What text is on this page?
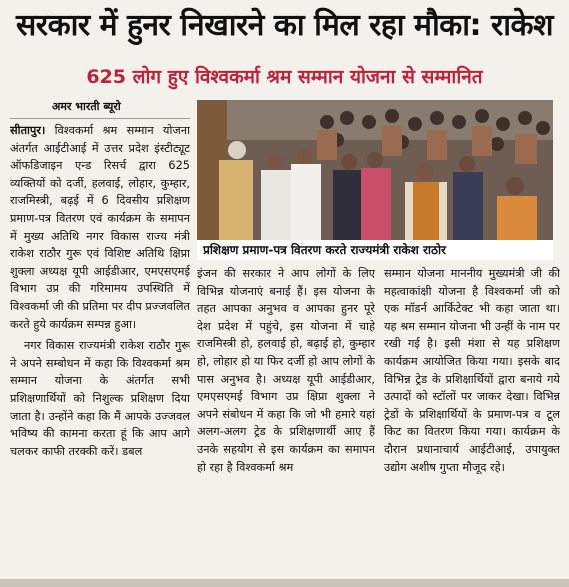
सरकार में हुनर निखारने का मिल रहा मौका: राकेश
625 लोग हुए विश्वकर्मा श्रम सम्मान योजना से सम्मानित
अमर भारती ब्यूरो

सीतापुर। विश्वकर्मा श्रम सम्मान योजना अंतर्गत आईटीआई में उत्तर प्रदेश इंस्टीट्यूट ऑफडिजाइन एन्ड रिसर्च द्वारा 625 व्यक्तियों को दर्जी, हलवाई, लोहार, कुम्हार, राजमिस्त्री, बढ़ई में 6 दिवसीय प्रशिक्षण प्रमाण-पत्र वितरण एवं कार्यक्रम के समापन में मुख्य अतिथि नगर विकास राज्य मंत्री राकेश राठौर गुरू एवं विशिष्ट अतिथि क्षिप्रा शुक्ला अध्यक्ष यूपी आईडीआर, एमएसएमई विभाग उप्र की गरिमामय उपस्थिति में विश्वकर्मा जी की प्रतिमा पर दीप प्रज्जवलित करते हुये कार्यक्रम सम्पन्न हुआ।

नगर विकास राज्यमंत्री राकेश राठौर गुरू ने अपने सम्बोधन में कहा कि विश्वकर्मा श्रम सम्मान योजना के अंतर्गत सभी प्रशिक्षणार्थियों को निशुल्क प्रशिक्षण दिया जाता है। उन्होंने कहा कि मैं आपके उज्जवल भविष्य की कामना करता हूं कि आप आगे चलकर काफी तरक्की करें। डबल

प्रशिक्षण प्रमाण-पत्र वितरण करते राज्यमंत्री राकेश राठोर

इंजन की सरकार ने आप लोगों के लिए विभिन्न योजनाएं बनाई हैं। इस योजना के तहत आपका अनुभव व आपका हुनर पूरे देश प्रदेश में पहुंचे, इस योजना में चाहे राजमिस्त्री हो, हलवाई हो, बढ़ाई हो, कुम्हार हो, लोहार हो या फिर दर्जी हो आप लोगों के पास अनुभव है। अध्यक्ष यूपी आईडीआर, एमएसएमई विभाग उप्र क्षिप्रा शुक्ला ने अपने संबोधन में कहा कि जो भी हमारे यहां अलग-अलग ट्रेड के प्रशिक्षणार्थी आए हैं उनके सहयोग से इस कार्यक्रम का समापन हो रहा है विश्वकर्मा श्रम

सम्मान योजना माननीय मुख्यमंत्री जी की महत्वाकांक्षी योजना है विश्वकर्मा जी को एक मॉडर्न आर्किटेक्ट भी कहा जाता था। यह श्रम सम्मान योजना भी उन्हीं के नाम पर रखी गई है। इसी मंशा से यह प्रशिक्षण कार्यक्रम आयोजित किया गया। इसके बाद विभिन्न ट्रेड के प्रशिक्षार्थियों द्वारा बनाये गये उत्पादों को स्टॉलों पर जाकर देखा। विभिन्न ट्रेडों के प्रशिक्षार्थियों के प्रमाण-पत्र व टूल किट का वितरण किया गया। कार्यक्रम के दौरान प्रधानाचार्य आईटीआई, उपायुक्त उद्योग अशीष गुप्ता मौजूद रहे।
